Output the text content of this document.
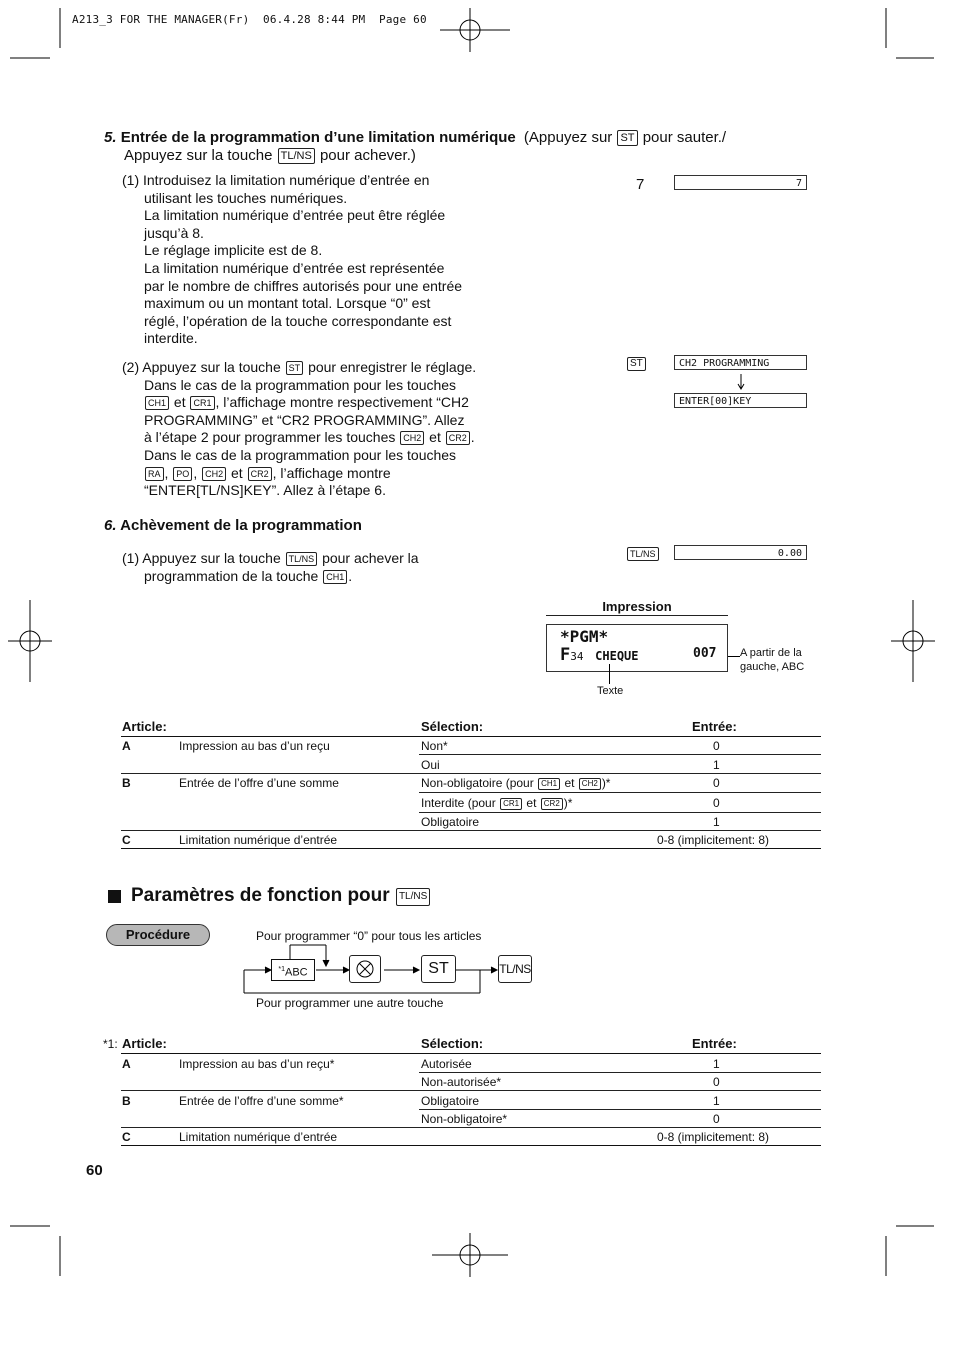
A213_3 FOR THE MANAGER(Fr)  06.4.28 8:44 PM  Page 60
5. Entrée de la programmation d’une limitation numérique (Appuyez sur ST pour sauter./
Appuyez sur la touche TL/NS pour achever.)
(1) Introduisez la limitation numérique d’entrée en
utilisant les touches numériques.
La limitation numérique d’entrée peut être réglée
jusqu’à 8.
Le réglage implicite est de 8.
La limitation numérique d’entrée est représentée
par le nombre de chiffres autorisés pour une entrée
maximum ou un montant total. Lorsque “0” est
réglé, l’opération de la touche correspondante est
interdite.
7	7
(2) Appuyez sur la touche ST pour enregistrer le réglage.
Dans le cas de la programmation pour les touches
CH1 et CR1 , l’affichage montre respectivement “CH2
PROGRAMMING” et “CR2 PROGRAMMING”. Allez
à l’étape 2 pour programmer les touches CH2 et CR2 .
Dans le cas de la programmation pour les touches
RA , PO , CH2 et CR2 , l’affichage montre
“ENTER[TL/NS]KEY”. Allez à l’étape 6.
ST	CH2 PROGRAMMING
ENTER[00]KEY
6. Achèvement de la programmation
(1) Appuyez sur la touche TL/NS pour achever la
programmation de la touche CH1 .
TL/NS	0.00
Impression
*PGM*
F34 CHEQUE	007 A partir de la
gauche, ABC
Texte
Article:	Sélection:	Entrée:
A	Impression au bas d’un reçu	Non*	0
Oui	1
B	Entrée de l’offre d’une somme	Non-obligatoire (pour CH1 et CH2 )*	0
Interdite (pour CR1 et CR2 )*	0
Obligatoire	1
C	Limitation numérique d’entrée	0-8 (implicitement: 8)
Paramètres de fonction pour TL/NS
Procédure	Pour programmer “0” pour tous les articles
$^{*1}$ABC	ST	TL/NS
Pour programmer une autre touche
*1: Article:	Sélection:	Entrée:
A	Impression au bas d’un reçu*	Autorisée	1
Non-autorisée*	0
B	Entrée de l’offre d’une somme*	Obligatoire	1
Non-obligatoire*	0
C	Limitation numérique d’entrée	0-8 (implicitement: 8)
60
